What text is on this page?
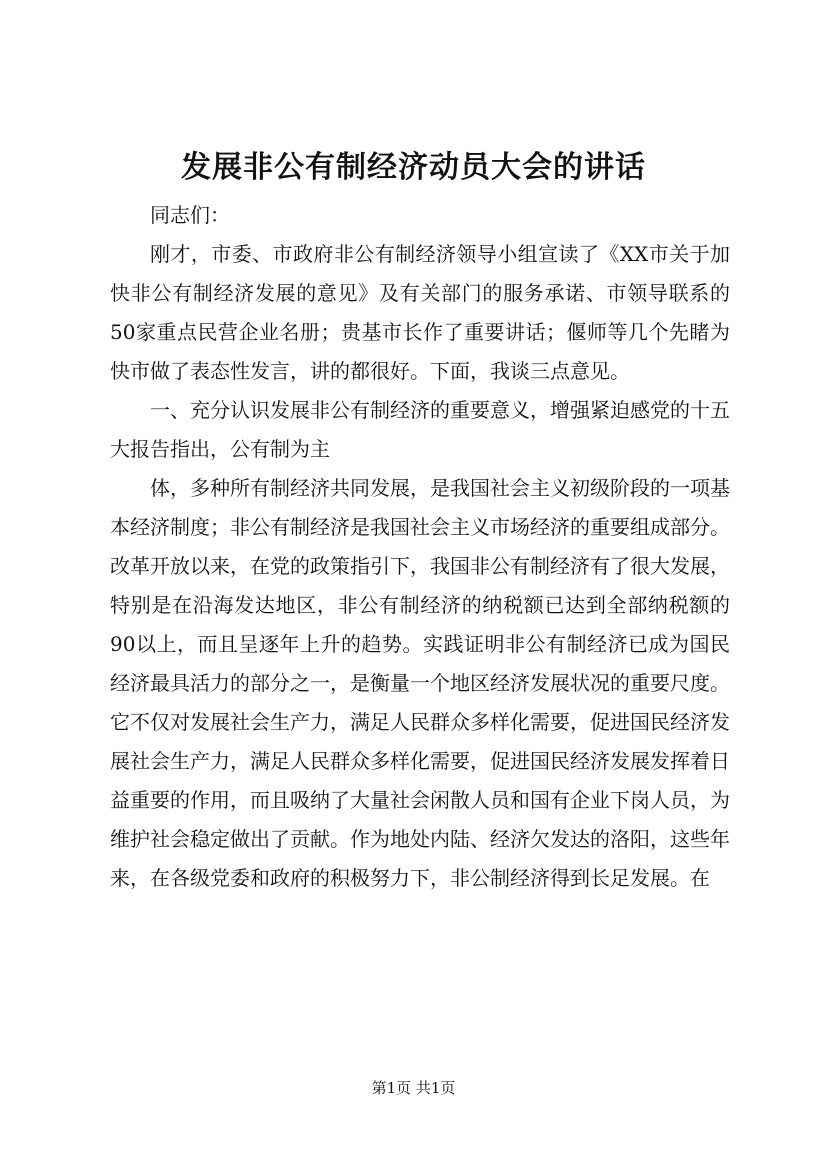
发展非公有制经济动员大会的讲话

同志们：

刚才，市委、市政府非公有制经济领导小组宣读了《XX市关于加快非公有制经济发展的意见》及有关部门的服务承诺、市领导联系的50家重点民营企业名册；贵基市长作了重要讲话；偃师等几个先睹为快市做了表态性发言，讲的都很好。下面，我谈三点意见。

一、充分认识发展非公有制经济的重要意义，增强紧迫感党的十五大报告指出，公有制为主

体，多种所有制经济共同发展，是我国社会主义初级阶段的一项基本经济制度；非公有制经济是我国社会主义市场经济的重要组成部分。改革开放以来，在党的政策指引下，我国非公有制经济有了很大发展，特别是在沿海发达地区，非公有制经济的纳税额已达到全部纳税额的90以上，而且呈逐年上升的趋势。实践证明非公有制经济已成为国民经济最具活力的部分之一，是衡量一个地区经济发展状况的重要尺度。它不仅对发展社会生产力，满足人民群众多样化需要，促进国民经济发展社会生产力，满足人民群众多样化需要，促进国民经济发展发挥着日益重要的作用，而且吸纳了大量社会闲散人员和国有企业下岗人员，为维护社会稳定做出了贡献。作为地处内陆、经济欠发达的洛阳，这些年来，在各级党委和政府的积极努力下，非公制经济得到长足发展。在

第1页 共1页
